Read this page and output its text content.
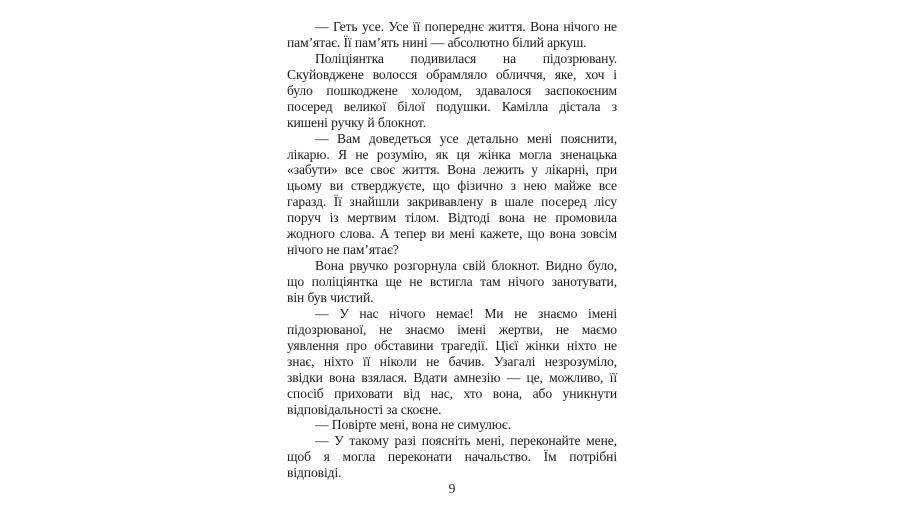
— Геть усе. Усе її попереднє життя. Вона нічого не
пам’ятає. Її пам’ять нині — абсолютно білий аркуш.
Поліціянтка подивилася на підозрювану.
Скуйовджене волосся обрамляло обличчя, яке, хоч і
було пошкоджене холодом, здавалося заспокоєним
посеред великої білої подушки. Камілла дістала з
кишені ручку й блокнот.
— Вам доведеться усе детально мені пояснити,
лікарю. Я не розумію, як ця жінка могла зненацька
«забути» все своє життя. Вона лежить у лікарні, при
цьому ви стверджуєте, що фізично з нею майже все
гаразд. Її знайшли закривавлену в шале посеред лісу
поруч із мертвим тілом. Відтоді вона не промовила
жодного слова. А тепер ви мені кажете, що вона зовсім
нічого не пам’ятає?
Вона рвучко розгорнула свій блокнот. Видно було,
що поліціянтка ще не встигла там нічого занотувати,
він був чистий.
— У нас нічого немає! Ми не знаємо імені
підозрюваної, не знаємо імені жертви, не маємо
уявлення про обставини трагедії. Цієї жінки ніхто не
знає, ніхто її ніколи не бачив. Узагалі незрозуміло,
звідки вона взялася. Вдати амнезію — це, можливо, її
спосіб приховати від нас, хто вона, або уникнути
відповідальності за скоєне.
— Повірте мені, вона не симулює.
— У такому разі поясніть мені, переконайте мене,
щоб я могла переконати начальство. Їм потрібні
відповіді.
9
